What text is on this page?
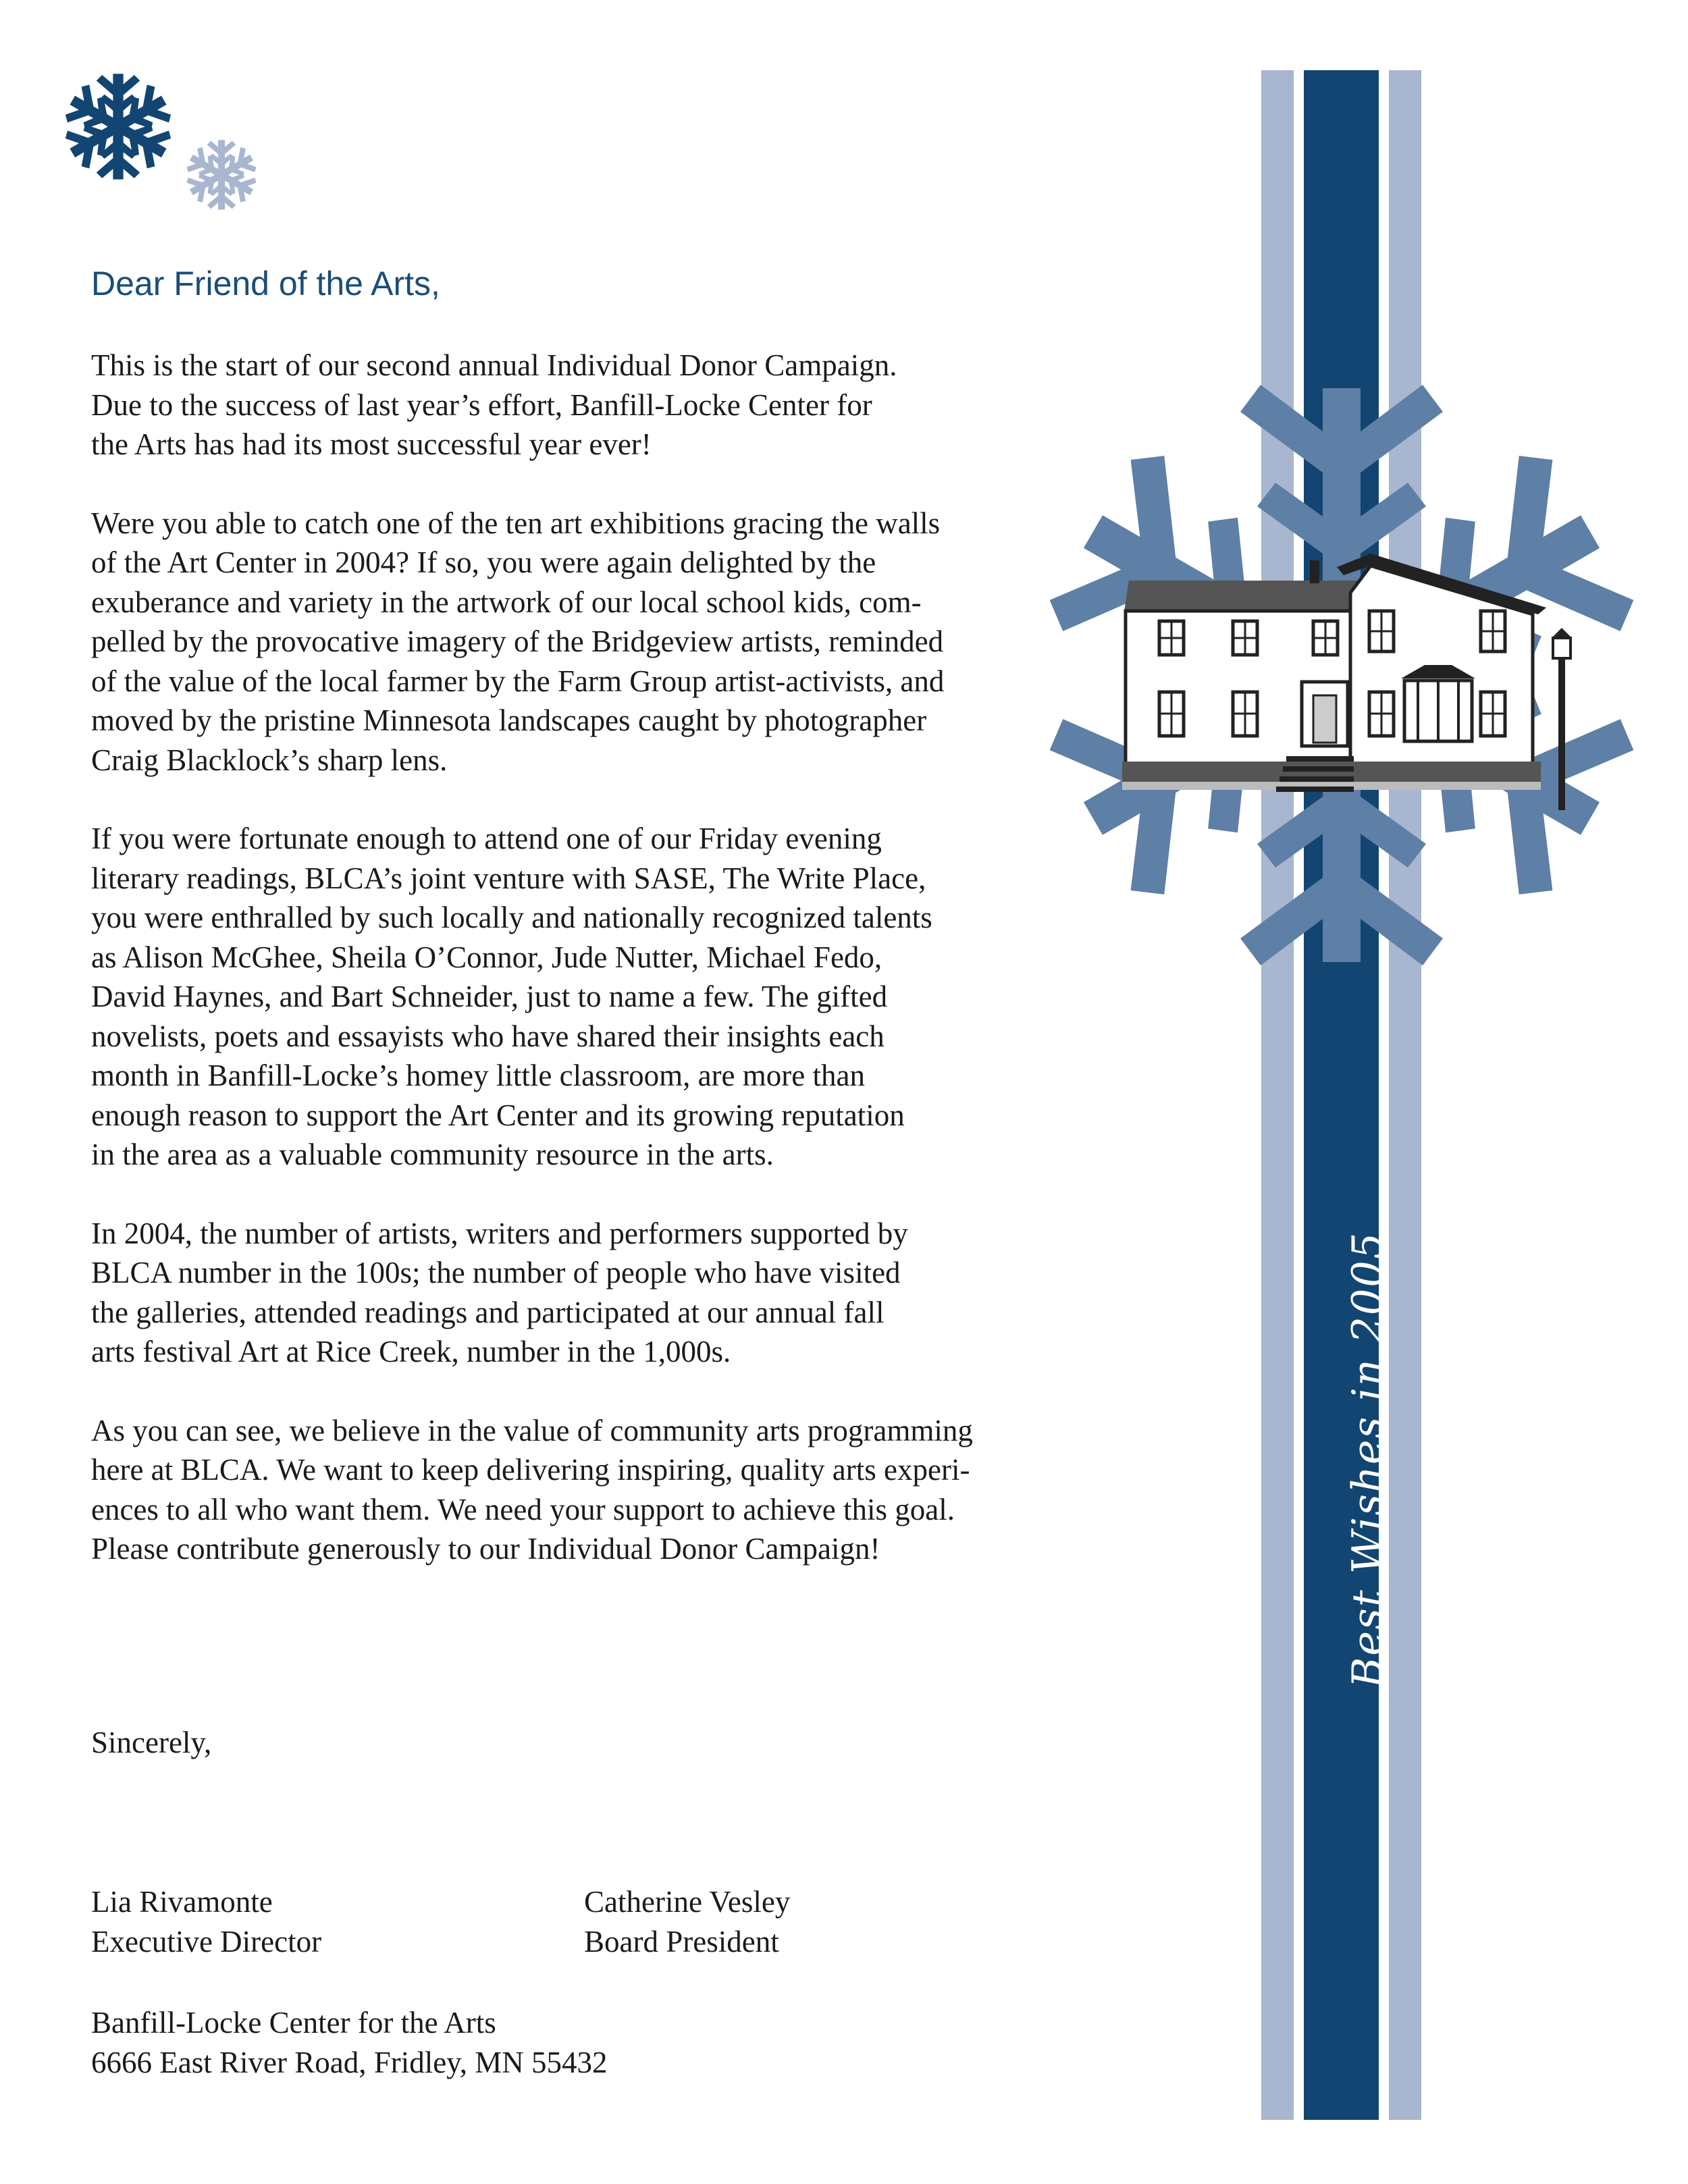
Dear Friend of the Arts,

This is the start of our second annual Individual Donor Campaign.
Due to the success of last year’s effort, Banfill-Locke Center for
the Arts has had its most successful year ever!

Were you able to catch one of the ten art exhibitions gracing the walls
of the Art Center in 2004? If so, you were again delighted by the
exuberance and variety in the artwork of our local school kids, com-
pelled by the provocative imagery of the Bridgeview artists, reminded
of the value of the local farmer by the Farm Group artist-activists, and
moved by the pristine Minnesota landscapes caught by photographer
Craig Blacklock’s sharp lens.

If you were fortunate enough to attend one of our Friday evening
literary readings, BLCA’s joint venture with SASE, The Write Place,
you were enthralled by such locally and nationally recognized talents
as Alison McGhee, Sheila O’Connor, Jude Nutter, Michael Fedo,
David Haynes, and Bart Schneider, just to name a few. The gifted
novelists, poets and essayists who have shared their insights each
month in Banfill-Locke’s homey little classroom, are more than
enough reason to support the Art Center and its growing reputation
in the area as a valuable community resource in the arts.

In 2004, the number of artists, writers and performers supported by
BLCA number in the 100s; the number of people who have visited
the galleries, attended readings and participated at our annual fall
arts festival Art at Rice Creek, number in the 1,000s.

As you can see, we believe in the value of community arts programming
here at BLCA. We want to keep delivering inspiring, quality arts experi-
ences to all who want them. We need your support to achieve this goal.
Please contribute generously to our Individual Donor Campaign!

Sincerely,
Lia Rivamonte
Executive Director
Catherine Vesley
Board President
Banfill-Locke Center for the Arts
6666 East River Road, Fridley, MN 55432
Best Wishes in 2005
